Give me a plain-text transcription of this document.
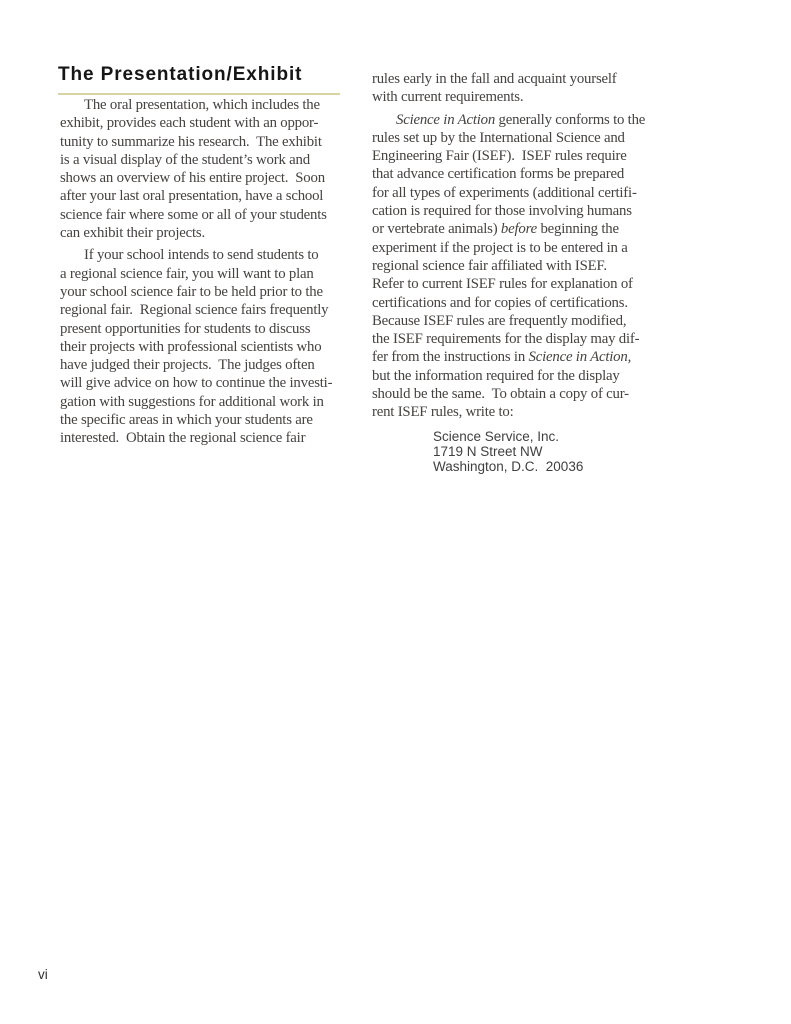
The Presentation/Exhibit
The oral presentation, which includes the
exhibit, provides each student with an oppor-
tunity to summarize his research.  The exhibit
is a visual display of the student’s work and
shows an overview of his entire project.  Soon
after your last oral presentation, have a school
science fair where some or all of your students
can exhibit their projects.
If your school intends to send students to
a regional science fair, you will want to plan
your school science fair to be held prior to the
regional fair.  Regional science fairs frequently
present opportunities for students to discuss
their projects with professional scientists who
have judged their projects.  The judges often
will give advice on how to continue the investi-
gation with suggestions for additional work in
the specific areas in which your students are
interested.  Obtain the regional science fair
rules early in the fall and acquaint yourself
with current requirements.
Science in Action generally conforms to the
rules set up by the International Science and
Engineering Fair (ISEF).  ISEF rules require
that advance certification forms be prepared
for all types of experiments (additional certifi-
cation is required for those involving humans
or vertebrate animals) before beginning the
experiment if the project is to be entered in a
regional science fair affiliated with ISEF.
Refer to current ISEF rules for explanation of
certifications and for copies of certifications.
Because ISEF rules are frequently modified,
the ISEF requirements for the display may dif-
fer from the instructions in Science in Action,
but the information required for the display
should be the same.  To obtain a copy of cur-
rent ISEF rules, write to:
Science Service, Inc.
1719 N Street NW
Washington, D.C.  20036
vi
